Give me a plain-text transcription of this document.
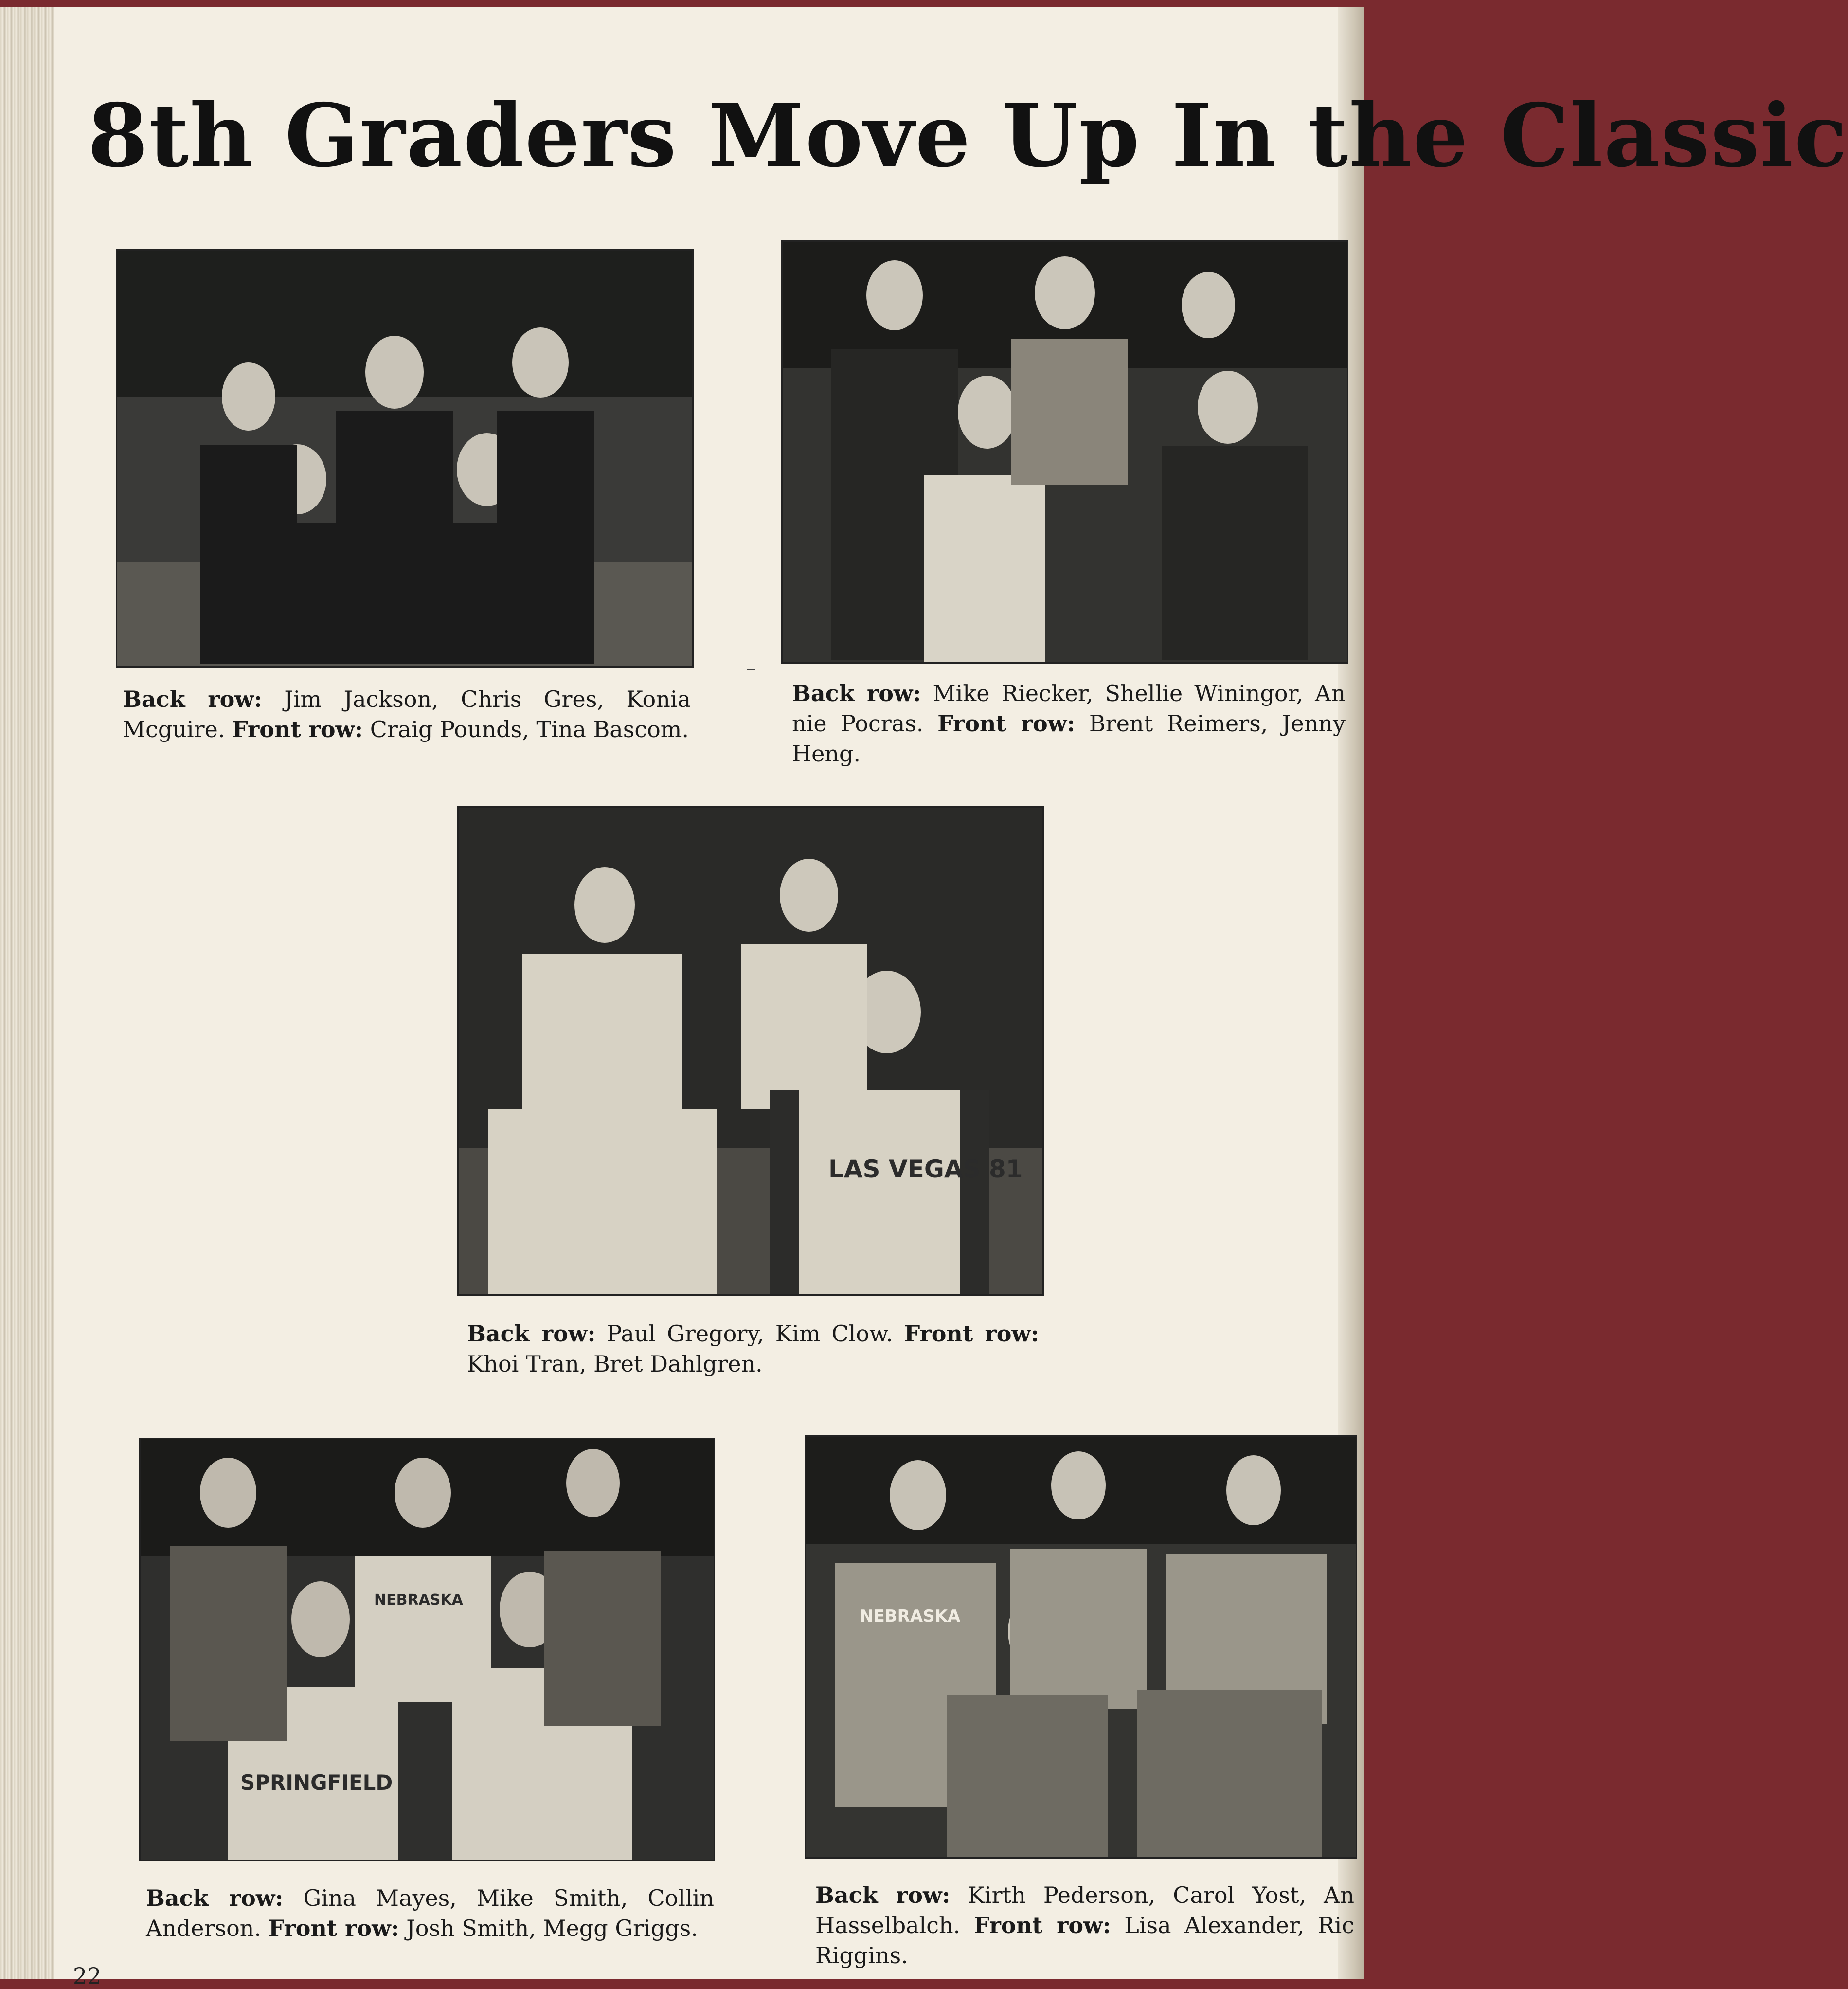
8th Graders Move Up In the Classic
Back row: Jim Jackson, Chris Gres, Konia Mcguire. Front row: Craig Pounds, Tina Bascom.
Back row: Mike Riecker, Shellie Winingor, An nie Pocras. Front row: Brent Reimers, Jenny Heng.
LAS VEGAS 81
Back row: Paul Gregory, Kim Clow. Front row: Khoi Tran, Bret Dahlgren.
SPRINGFIELD
NEBRASKA
Back row: Gina Mayes, Mike Smith, Collin Anderson. Front row: Josh Smith, Megg Griggs.
NEBRASKA
Back row: Kirth Pederson, Carol Yost, An Hasselbalch. Front row: Lisa Alexander, Ric Riggins.
22
